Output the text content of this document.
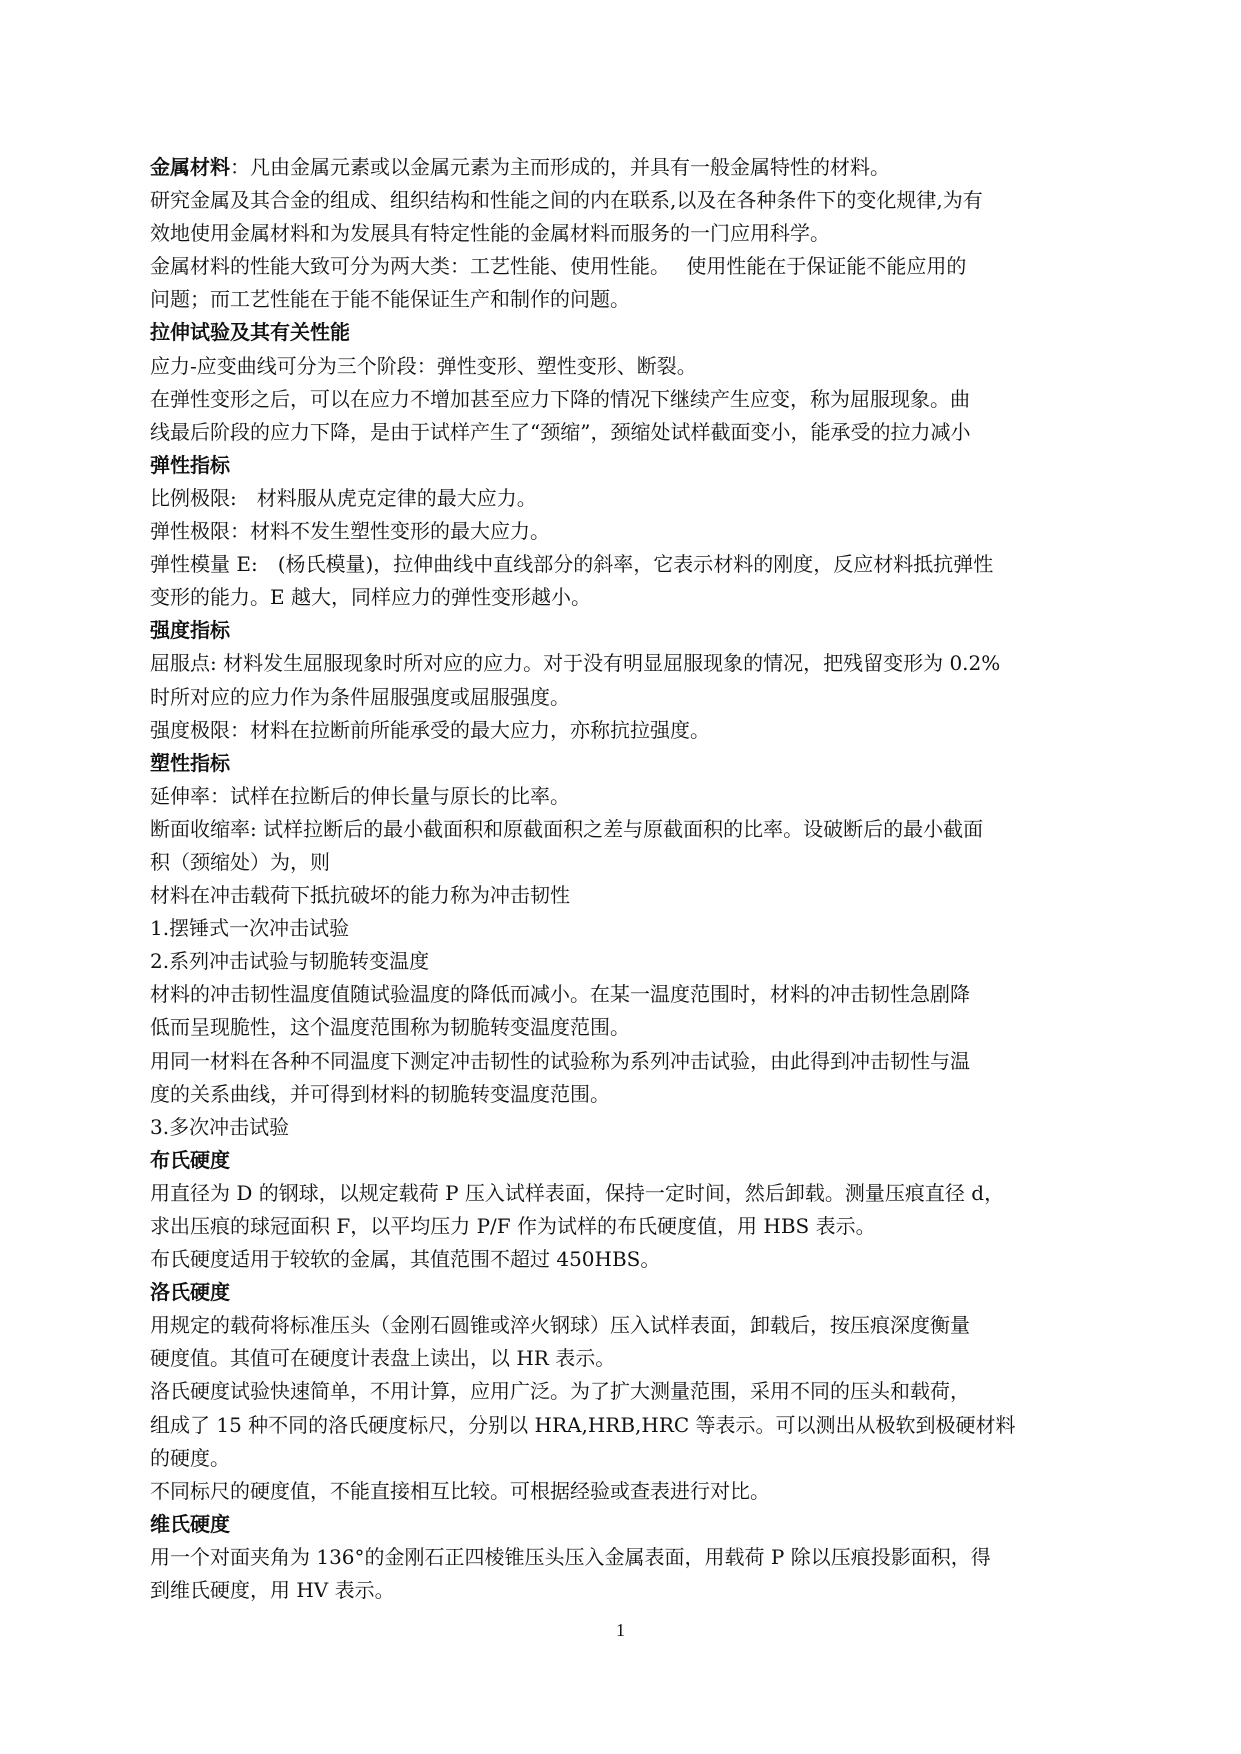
金属材料：凡由金属元素或以金属元素为主而形成的，并具有一般金属特性的材料。
研究金属及其合金的组成、组织结构和性能之间的内在联系,以及在各种条件下的变化规律,为有
效地使用金属材料和为发展具有特定性能的金属材料而服务的一门应用科学。
金属材料的性能大致可分为两大类：工艺性能、使用性能。　 使用性能在于保证能不能应用的
问题；而工艺性能在于能不能保证生产和制作的问题。
拉伸试验及其有关性能
应力-应变曲线可分为三个阶段：弹性变形、塑性变形、断裂。
在弹性变形之后，可以在应力不增加甚至应力下降的情况下继续产生应变，称为屈服现象。曲
线最后阶段的应力下降，是由于试样产生了“颈缩”，颈缩处试样截面变小，能承受的拉力减小
弹性指标
比例极限:　材料服从虎克定律的最大应力。
弹性极限：材料不发生塑性变形的最大应力。
弹性模量 E:　(杨氏模量)，拉伸曲线中直线部分的斜率，它表示材料的刚度，反应材料抵抗弹性
变形的能力。E 越大，同样应力的弹性变形越小。
强度指标
屈服点: 材料发生屈服现象时所对应的应力。对于没有明显屈服现象的情况，把残留变形为 0.2%
时所对应的应力作为条件屈服强度或屈服强度。
强度极限：材料在拉断前所能承受的最大应力，亦称抗拉强度。
塑性指标
延伸率：试样在拉断后的伸长量与原长的比率。
断面收缩率: 试样拉断后的最小截面积和原截面积之差与原截面积的比率。设破断后的最小截面
积（颈缩处）为，则
材料在冲击载荷下抵抗破坏的能力称为冲击韧性
1.摆锤式一次冲击试验
2.系列冲击试验与韧脆转变温度
材料的冲击韧性温度值随试验温度的降低而减小。在某一温度范围时，材料的冲击韧性急剧降
低而呈现脆性，这个温度范围称为韧脆转变温度范围。
用同一材料在各种不同温度下测定冲击韧性的试验称为系列冲击试验，由此得到冲击韧性与温
度的关系曲线，并可得到材料的韧脆转变温度范围。
3.多次冲击试验
布氏硬度
用直径为 D 的钢球，以规定载荷 P 压入试样表面，保持一定时间，然后卸载。测量压痕直径 d，
求出压痕的球冠面积 F，以平均压力 P/F 作为试样的布氏硬度值，用 HBS 表示。
布氏硬度适用于较软的金属，其值范围不超过 450HBS。
洛氏硬度
用规定的载荷将标准压头（金刚石圆锥或淬火钢球）压入试样表面，卸载后，按压痕深度衡量
硬度值。其值可在硬度计表盘上读出，以 HR 表示。
洛氏硬度试验快速简单，不用计算，应用广泛。为了扩大测量范围，采用不同的压头和载荷，
组成了 15 种不同的洛氏硬度标尺，分别以 HRA,HRB,HRC 等表示。可以测出从极软到极硬材料
的硬度。
不同标尺的硬度值，不能直接相互比较。可根据经验或查表进行对比。
维氏硬度
用一个对面夹角为 136°的金刚石正四棱锥压头压入金属表面，用载荷 P 除以压痕投影面积，得
到维氏硬度，用 HV 表示。
1
